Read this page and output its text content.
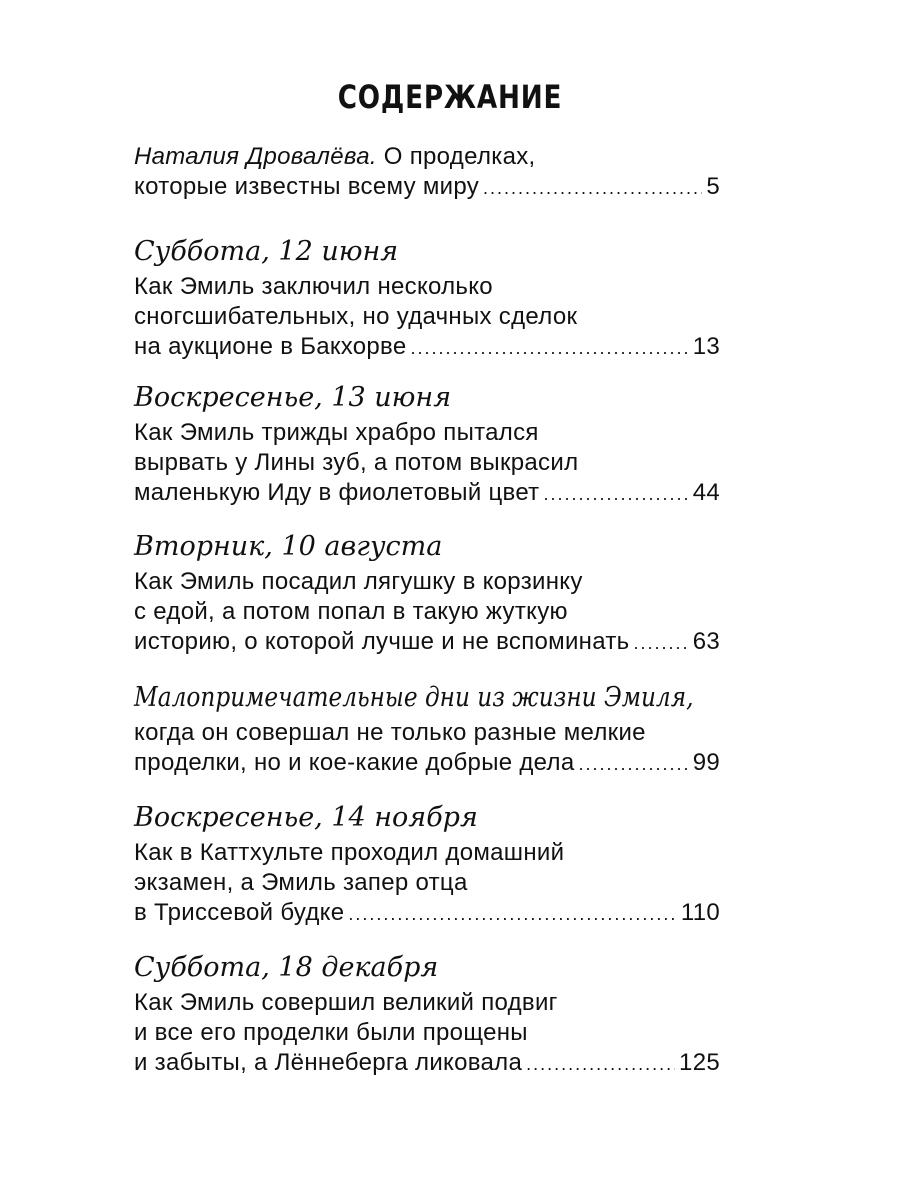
СОДЕРЖАНИЕ
Наталия Дровалёва. О проделках,
которые известны всему миру .....	5
Суббота, 12 июня
Как Эмиль заключил несколько
сногсшибательных, но удачных сделок
на аукционе в Бакхорве .....	13
Воскресенье, 13 июня
Как Эмиль трижды храбро пытался
вырвать у Лины зуб, а потом выкрасил
маленькую Иду в фиолетовый цвет .....	44
Вторник, 10 августа
Как Эмиль посадил лягушку в корзинку
с едой, а потом попал в такую жуткую
историю, о которой лучше и не вспоминать .....	63
Малопримечательные дни из жизни Эмиля,
когда он совершал не только разные мелкие
проделки, но и кое-какие добрые дела .....	99
Воскресенье, 14 ноября
Как в Каттхульте проходил домашний
экзамен, а Эмиль запер отца
в Триссевой будке .....	110
Суббота, 18 декабря
Как Эмиль совершил великий подвиг
и все его проделки были прощены
и забыты, а Лённеберга ликовала .....	125
